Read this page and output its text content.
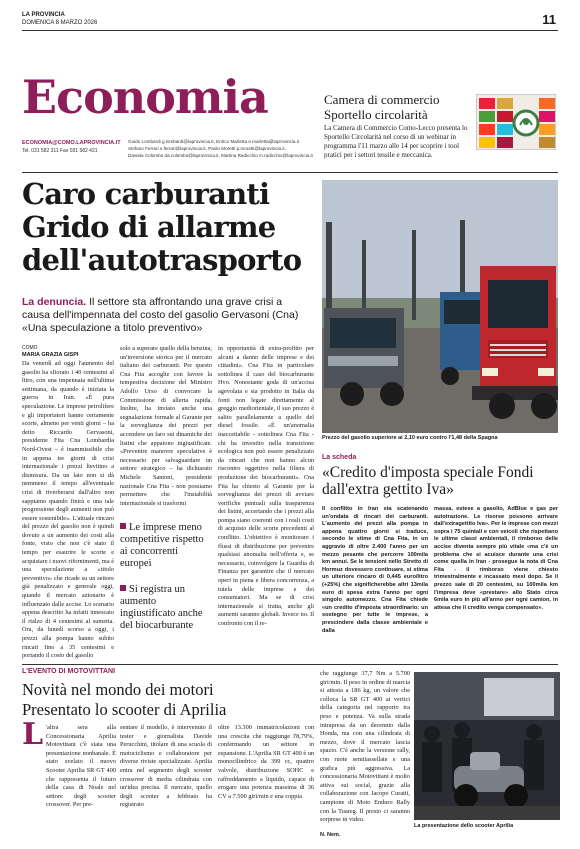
LA PROVINCIA
DOMENICA 8 MARZO 2026	11
Economia
ECONOMIA@COMO.LAPROVINCIA.IT
Tel. 031 582 311 Fax 031 582 421
Guido Lombardi g.lombardi@laprovincia.it, Enrico Marletta e.marletta@laprovincia.it
Stefano Ferrari s.ferrari@laprovincia.it, Paolo Moretti p.moretti@laprovincia.it,
Daniela Colombo da.colombo@laprovincia.it, Martina Radicchio m.radicchio@laprovincia.it
Camera di commercio
Sportello circolarità
La Camera di Commercio Como-Lecco presenta lo Sportello Circolarità nel corso di un webinar in programma l'11 marzo alle 14 per scoprire i tool pratici per i settori tessile e meccanica.
Caro carburanti
Grido di allarme
dell'autotrasporto
La denuncia. Il settore sta affrontando una grave crisi a causa dell'impennata del costo del gasolio Gervasoni (Cna) «Una speculazione a titolo preventivo»
Prezzo del gasolio superiore ai 2,10 euro contro l'1,48 della Spagna
COMO
MARIA GRAZIA GISPI
Da venerdì ad oggi l'aumento del gasolio ha sfiorato i 40 centesimi al litro, con una impennata nell'ultima settimana, da quando è iniziata la guerra in Iran. «È pura speculazione. Le imprese petrolifere e gli importatori hanno certamente scorte, almeno per venti giorni – ha detto Riccardo Gervasoni, presidente Fita Cna Lombardia Nord-Ovest – è inammissibile che in appena tre giorni di crisi internazionale i prezzi lievitino a dismisura. Da un lato non si dà nemmeno il tempo all'eventuale crisi di riverberarsi dall'altro non sappiamo quando finirà e una tale progressione degli aumenti non può essere sostenibile». L'attuale rincaro del prezzo del gasolio non è quindi dovuto a un aumento dei costi alla fonte, visto che non c'è stato il tempo per esaurire le scorte e acquistare i nuovi rifornimenti, ma è una speculazione a «titolo preventivo» che ricade su un settore già penalizzato e generale oggi, quando il mercato azionario è influenzato dalle accise. Lo scenario appena descritto ha infatti innescato il rialzo di 4 centesimi al sumetta. Ora, da lunedì scorso a oggi, i prezzi alla pompa hanno subito rincari fino a 35 centesimi e portando il costo del gasolio
solo a superare quello della benzina, un'inversione storica per il mercato italiano dei carburanti. Per questo Cna Fita accoglie con favore la tempestiva decisione del Ministro Adolfo Urso di convocare la Commissione di allerta rapida. Inoltre, ha inviato anche una segnalazione formale al Garante per la sorveglianza dei prezzi per accendere un faro sui dinamiche dei listini che appaiono ingiustificate. «Prevenire manovre speculative è necessario per salvaguardare un settore strategico – ha dichiarato Michele Santoni, presidente nazionale Cna Fita - non possiamo permettere che l'instabilità internazionale si trasformi
Le imprese meno competitive rispetto ai concorrenti europei
Si registra un aumento ingiustificato anche del biocarburante
in opportunità di extra-profitto per alcuni a danno delle imprese e dei cittadini». Cna Fita in particolare sottolinea il caso del biocarburante Hvo. Nonostante goda di un'accisa agevolata e sia prodotto in Italia da fonti non legate direttamente al greggio mediorientale, il suo prezzo è salito parallelamente a quello del diesel fossile. «È un'anomalia inaccettabile - sottolinea Cna Fita - chi ha investito nella transizione ecologica non può essere penalizzato da rincari che non hanno alcun riscontro oggettivo nella filiera di produzione dei biocarburanti». Cna Fita ha chiesto al Garante per la sorveglianza dei prezzi di avviare verifiche puntuali sulla trasparenza dei listini, accertando che i prezzi alla pompa siano coerenti con i reali costi di acquisto delle scorte precedenti al conflitto. L'obiettivo è monitorare i flussi di distribuzione per prevenire qualsiasi anomalia nell'offerta e, se necessario, coinvolgere la Guardia di Finanza per garantire che il mercato operi in piena e libera concorrenza, a tutela delle imprese e dei consumatori. Ma se di crisi internazionale si tratta, anche gli aumenti saranno globali. Invece no. Il confronto con il re-
La scheda
«Credito d'imposta speciale Fondi dall'extra gettito Iva»
massa, estese a gasolio, AdBlue e gas per autotrazione. Le risorse possono arrivare dall'extragettito Iva». Per le imprese con mezzi sopra i 75 quintali e con veicoli che rispettano le ultime classi ambientali, il rimborso delle accise diventa sempre più vitale «ma c'è un problema che si acuisce durante una crisi come quella in Iran - prosegue la nota di Cna Fita - il rimborso viene chiesto trimestralmente e incassato mesi dopo. Se il prezzo sale di 20 centesimi, su 100mila km l'impresa deve «prestare» allo Stato circa 6mila euro in più all'anno per ogni camion, in attesa che il credito venga compensato».
Il conflitto in Iran sta scatenando un'ondata di rincari dei carburanti. L'aumento dei prezzi alla pompa in appena quattro giorni si traduce, secondo le stime di Cna Fita, in un aggravio di oltre 2.400 l'anno per un mezzo pesante che percorre 100mila km annui. Se le tensioni nello Stretto di Hormuz dovessero continuare, si stima un ulteriore rincaro di 0,445 euro/litro (+25%) che significherebbe altri 13mila euro di spesa extra l'anno per ogni singolo automezzo. Cna Fita chiede «un credito d'imposta straordinario: un sostegno per tutte le imprese, a prescindere dalla classe ambientale e dalla
L'EVENTO DI MOTOVITTANI
Novità nel mondo dei motori
Presentato lo scooter di Aprilia
L 'altra sera alla Concessionaria Aprilia Motovittani c'è stata una presentazione nonbanale. È stato svelato il nuovo Scooter Aprilia SR GT 400 che rappresenta il futuro della casa di Noale nel settore degli scooter crossover. Per pre-
sentare il modello, è intervenuto il tester e giornalista Davide Perucchini, titolare di una scuola di motociclismo e collaboratore per diverse riviste specializzate. Aprilia entra nel segmento degli scooter crossover di media cilindrata con un'idea precisa. Il mercato, quello degli scooter a febbraio ha registrato
oltre 13.300 immatricolazioni con una crescita che raggiunge l'8,79%, confermando un settore in espansione. L'Aprilia SR GT 400 è un monocilindrico da 399 cc, quattro valvole, distribuzione SOHC e raffreddamento a liquido, capace di erogare una potenza massima di 36 CV a 7.500 giri/min e una coppia
che raggiunge 37,7 Nm a 5.700 giri/min. Il peso in ordine di marcia si attesta a 186 kg, un valore che colloca la SR GT 400 ai vertici della categoria nel rapporto tra peso e potenza. Va sulla strada intrapresa da un decennio dalla Honda, ma con una cilindrata di mezzo, dove il mercato lascia spazio. C'è anche la versione rally, con ruote semitassellate e una grafica più aggressiva. La concessionaria Motovittani è molto attiva sui social, grazie alla collaborazione con Jacopo Curatti, campione di Moto Enduro Rally con la Tuareg. Il presto ci saranno sorprese in video.
N. Nem.
La presentazione dello scooter Aprilia
